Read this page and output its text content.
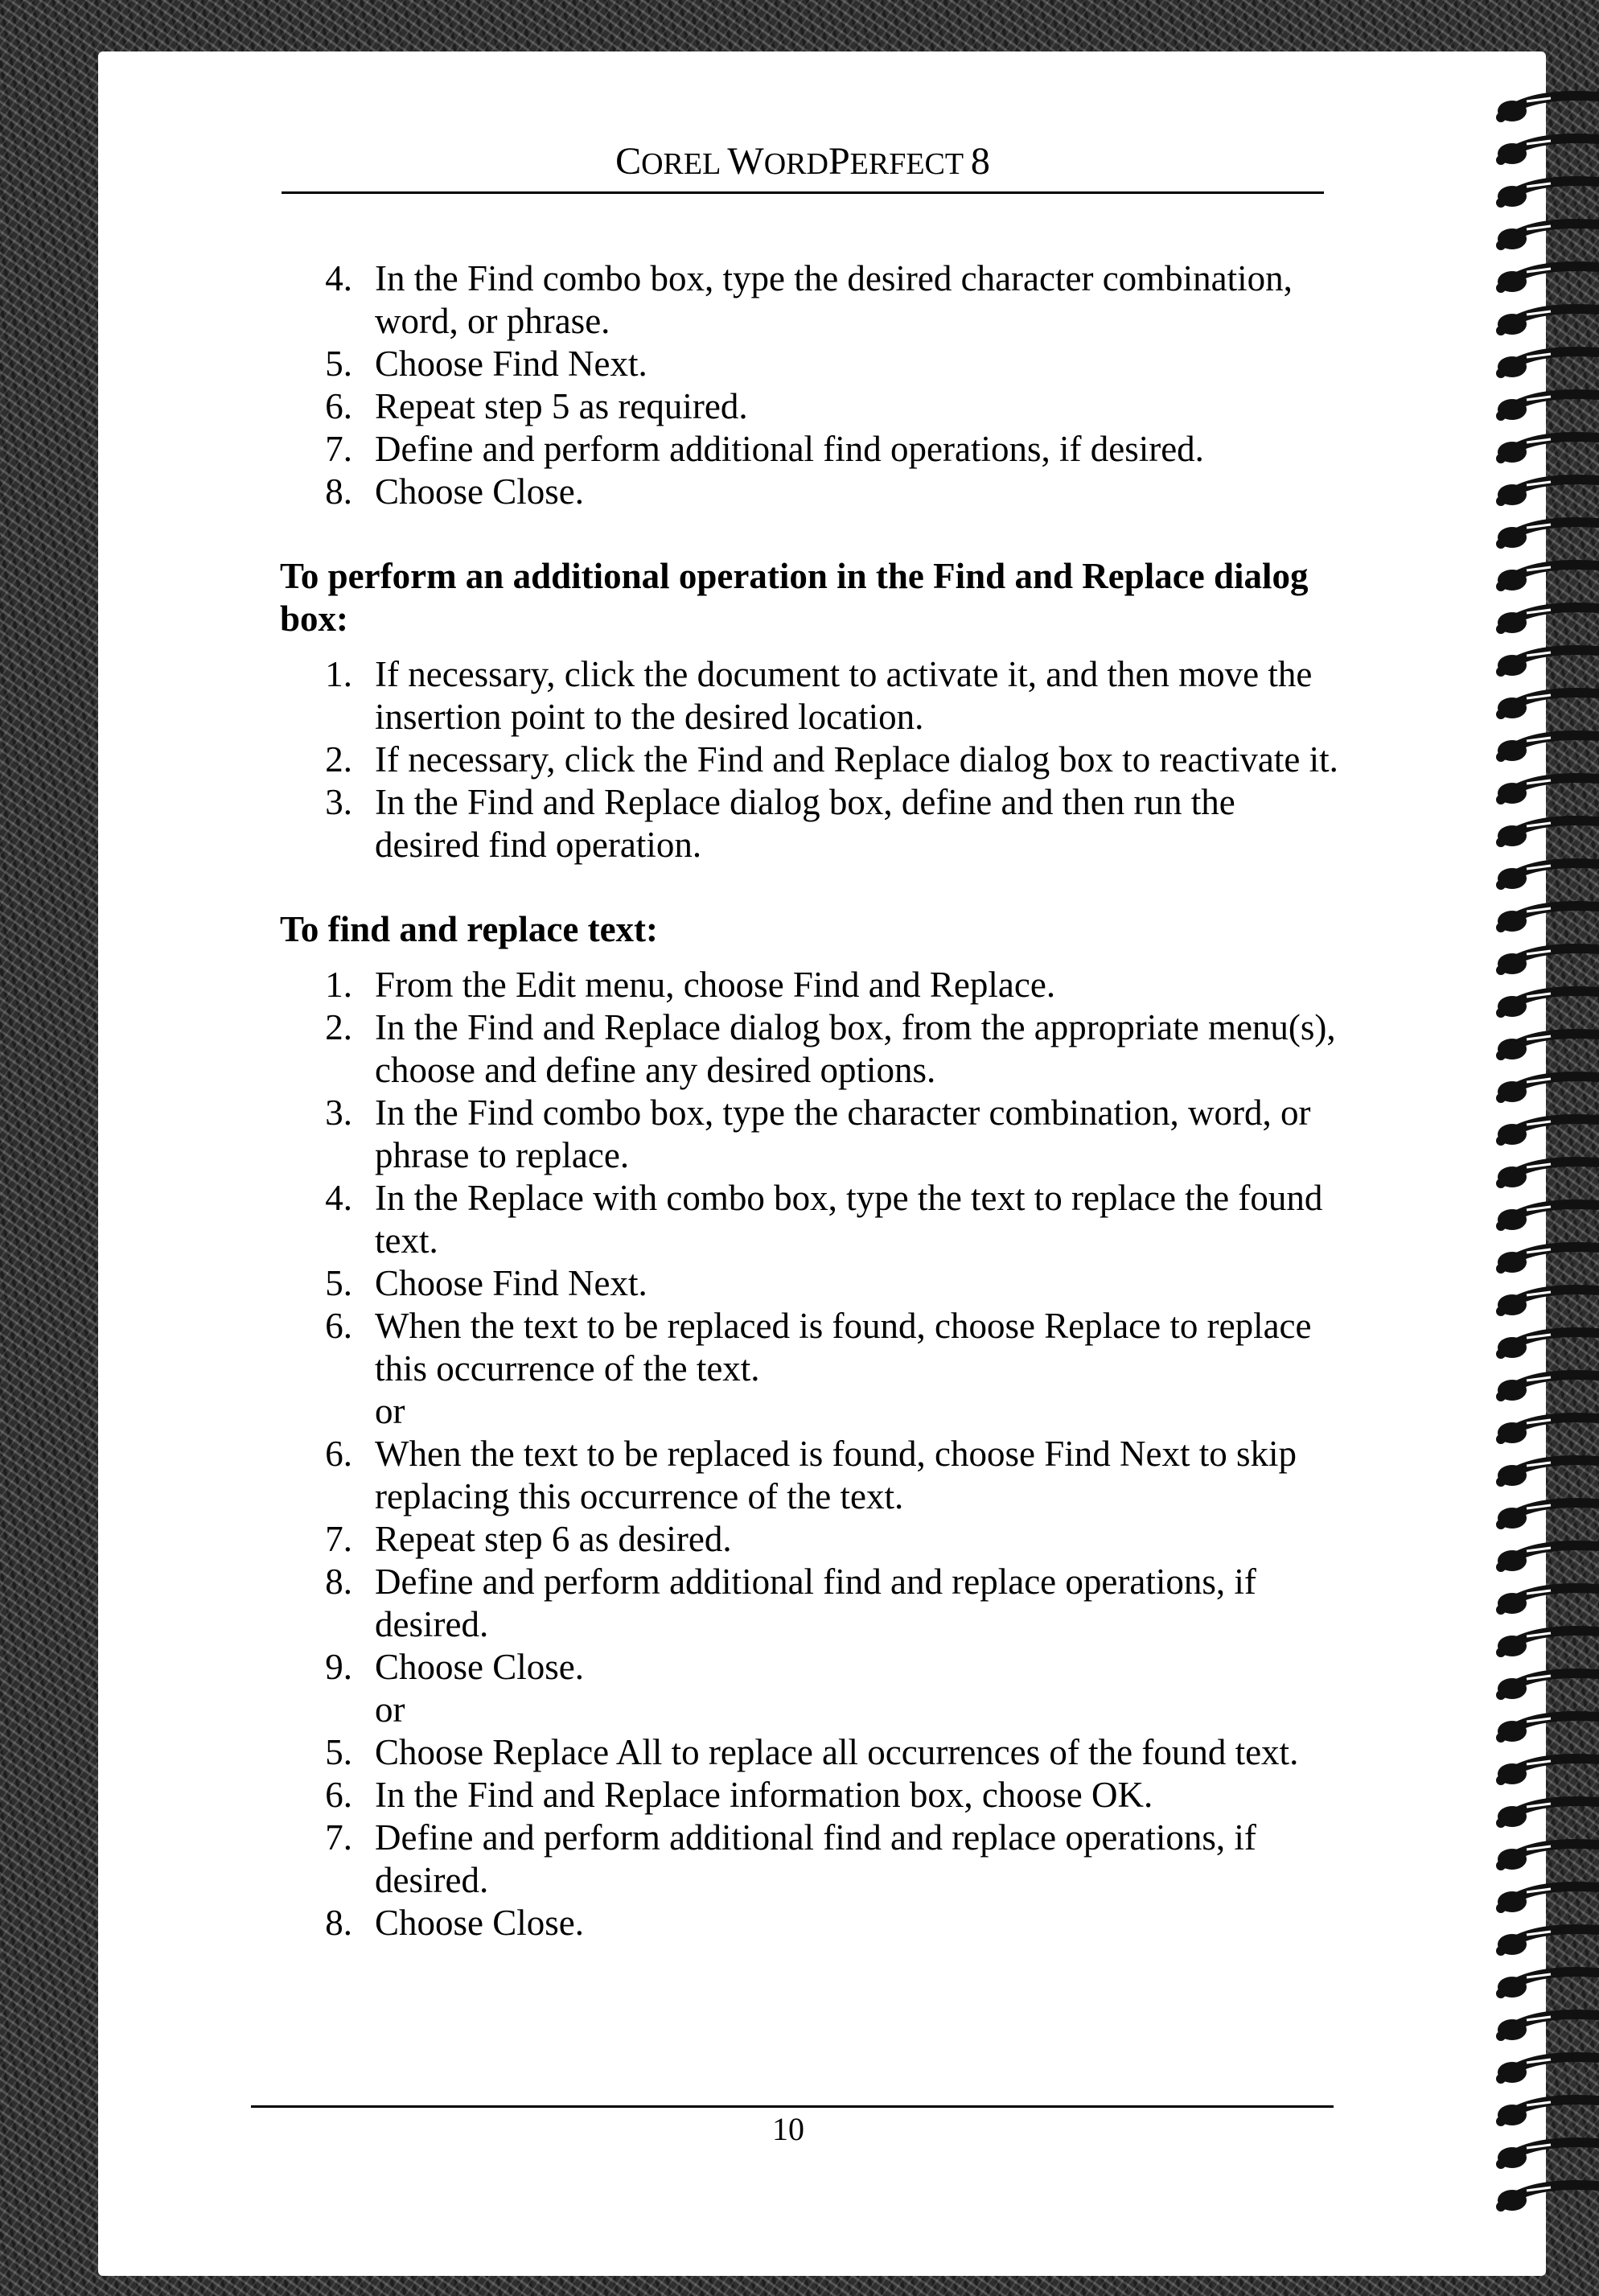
COREL WORDPERFECT 8
4. In the Find combo box, type the desired character combination, word, or phrase.
5. Choose Find Next.
6. Repeat step 5 as required.
7. Define and perform additional find operations, if desired.
8. Choose Close.
To perform an additional operation in the Find and Replace dialog box:
1. If necessary, click the document to activate it, and then move the insertion point to the desired location.
2. If necessary, click the Find and Replace dialog box to reactivate it.
3. In the Find and Replace dialog box, define and then run the desired find operation.
To find and replace text:
1. From the Edit menu, choose Find and Replace.
2. In the Find and Replace dialog box, from the appropriate menu(s), choose and define any desired options.
3. In the Find combo box, type the character combination, word, or phrase to replace.
4. In the Replace with combo box, type the text to replace the found text.
5. Choose Find Next.
6. When the text to be replaced is found, choose Replace to replace this occurrence of the text.
or
6. When the text to be replaced is found, choose Find Next to skip replacing this occurrence of the text.
7. Repeat step 6 as desired.
8. Define and perform additional find and replace operations, if desired.
9. Choose Close.
or
5. Choose Replace All to replace all occurrences of the found text.
6. In the Find and Replace information box, choose OK.
7. Define and perform additional find and replace operations, if desired.
8. Choose Close.
10
